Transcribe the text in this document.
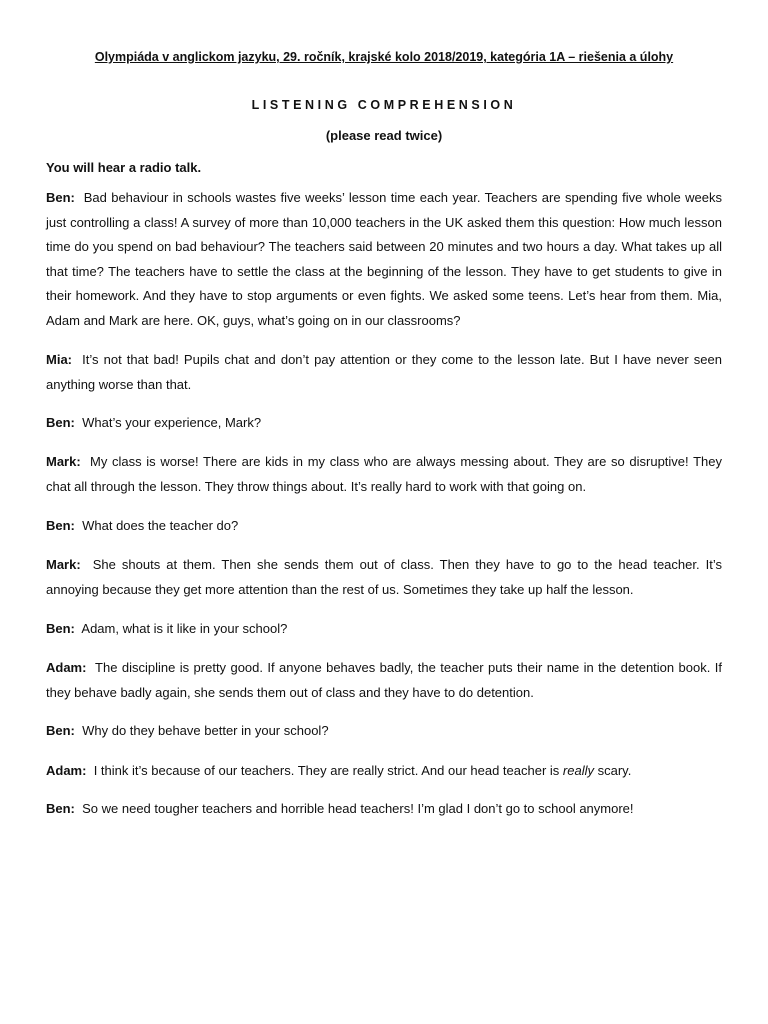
Olympiáda v anglickom jazyku, 29. ročník, krajské kolo 2018/2019, kategória 1A – riešenia a úlohy
LISTENING COMPREHENSION
(please read twice)
You will hear a radio talk.

Ben: Bad behaviour in schools wastes five weeks’ lesson time each year. Teachers are spending five whole weeks just controlling a class! A survey of more than 10,000 teachers in the UK asked them this question: How much lesson time do you spend on bad behaviour? The teachers said between 20 minutes and two hours a day. What takes up all that time? The teachers have to settle the class at the beginning of the lesson. They have to get students to give in their homework. And they have to stop arguments or even fights. We asked some teens. Let’s hear from them. Mia, Adam and Mark are here. OK, guys, what’s going on in our classrooms?

Mia: It’s not that bad! Pupils chat and don’t pay attention or they come to the lesson late. But I have never seen anything worse than that.

Ben: What’s your experience, Mark?

Mark: My class is worse! There are kids in my class who are always messing about. They are so disruptive! They chat all through the lesson. They throw things about. It’s really hard to work with that going on.

Ben: What does the teacher do?

Mark: She shouts at them. Then she sends them out of class. Then they have to go to the head teacher. It’s annoying because they get more attention than the rest of us. Sometimes they take up half the lesson.

Ben: Adam, what is it like in your school?

Adam: The discipline is pretty good. If anyone behaves badly, the teacher puts their name in the detention book. If they behave badly again, she sends them out of class and they have to do detention.

Ben: Why do they behave better in your school?

Adam: I think it’s because of our teachers. They are really strict. And our head teacher is really scary.

Ben: So we need tougher teachers and horrible head teachers! I’m glad I don’t go to school anymore!
